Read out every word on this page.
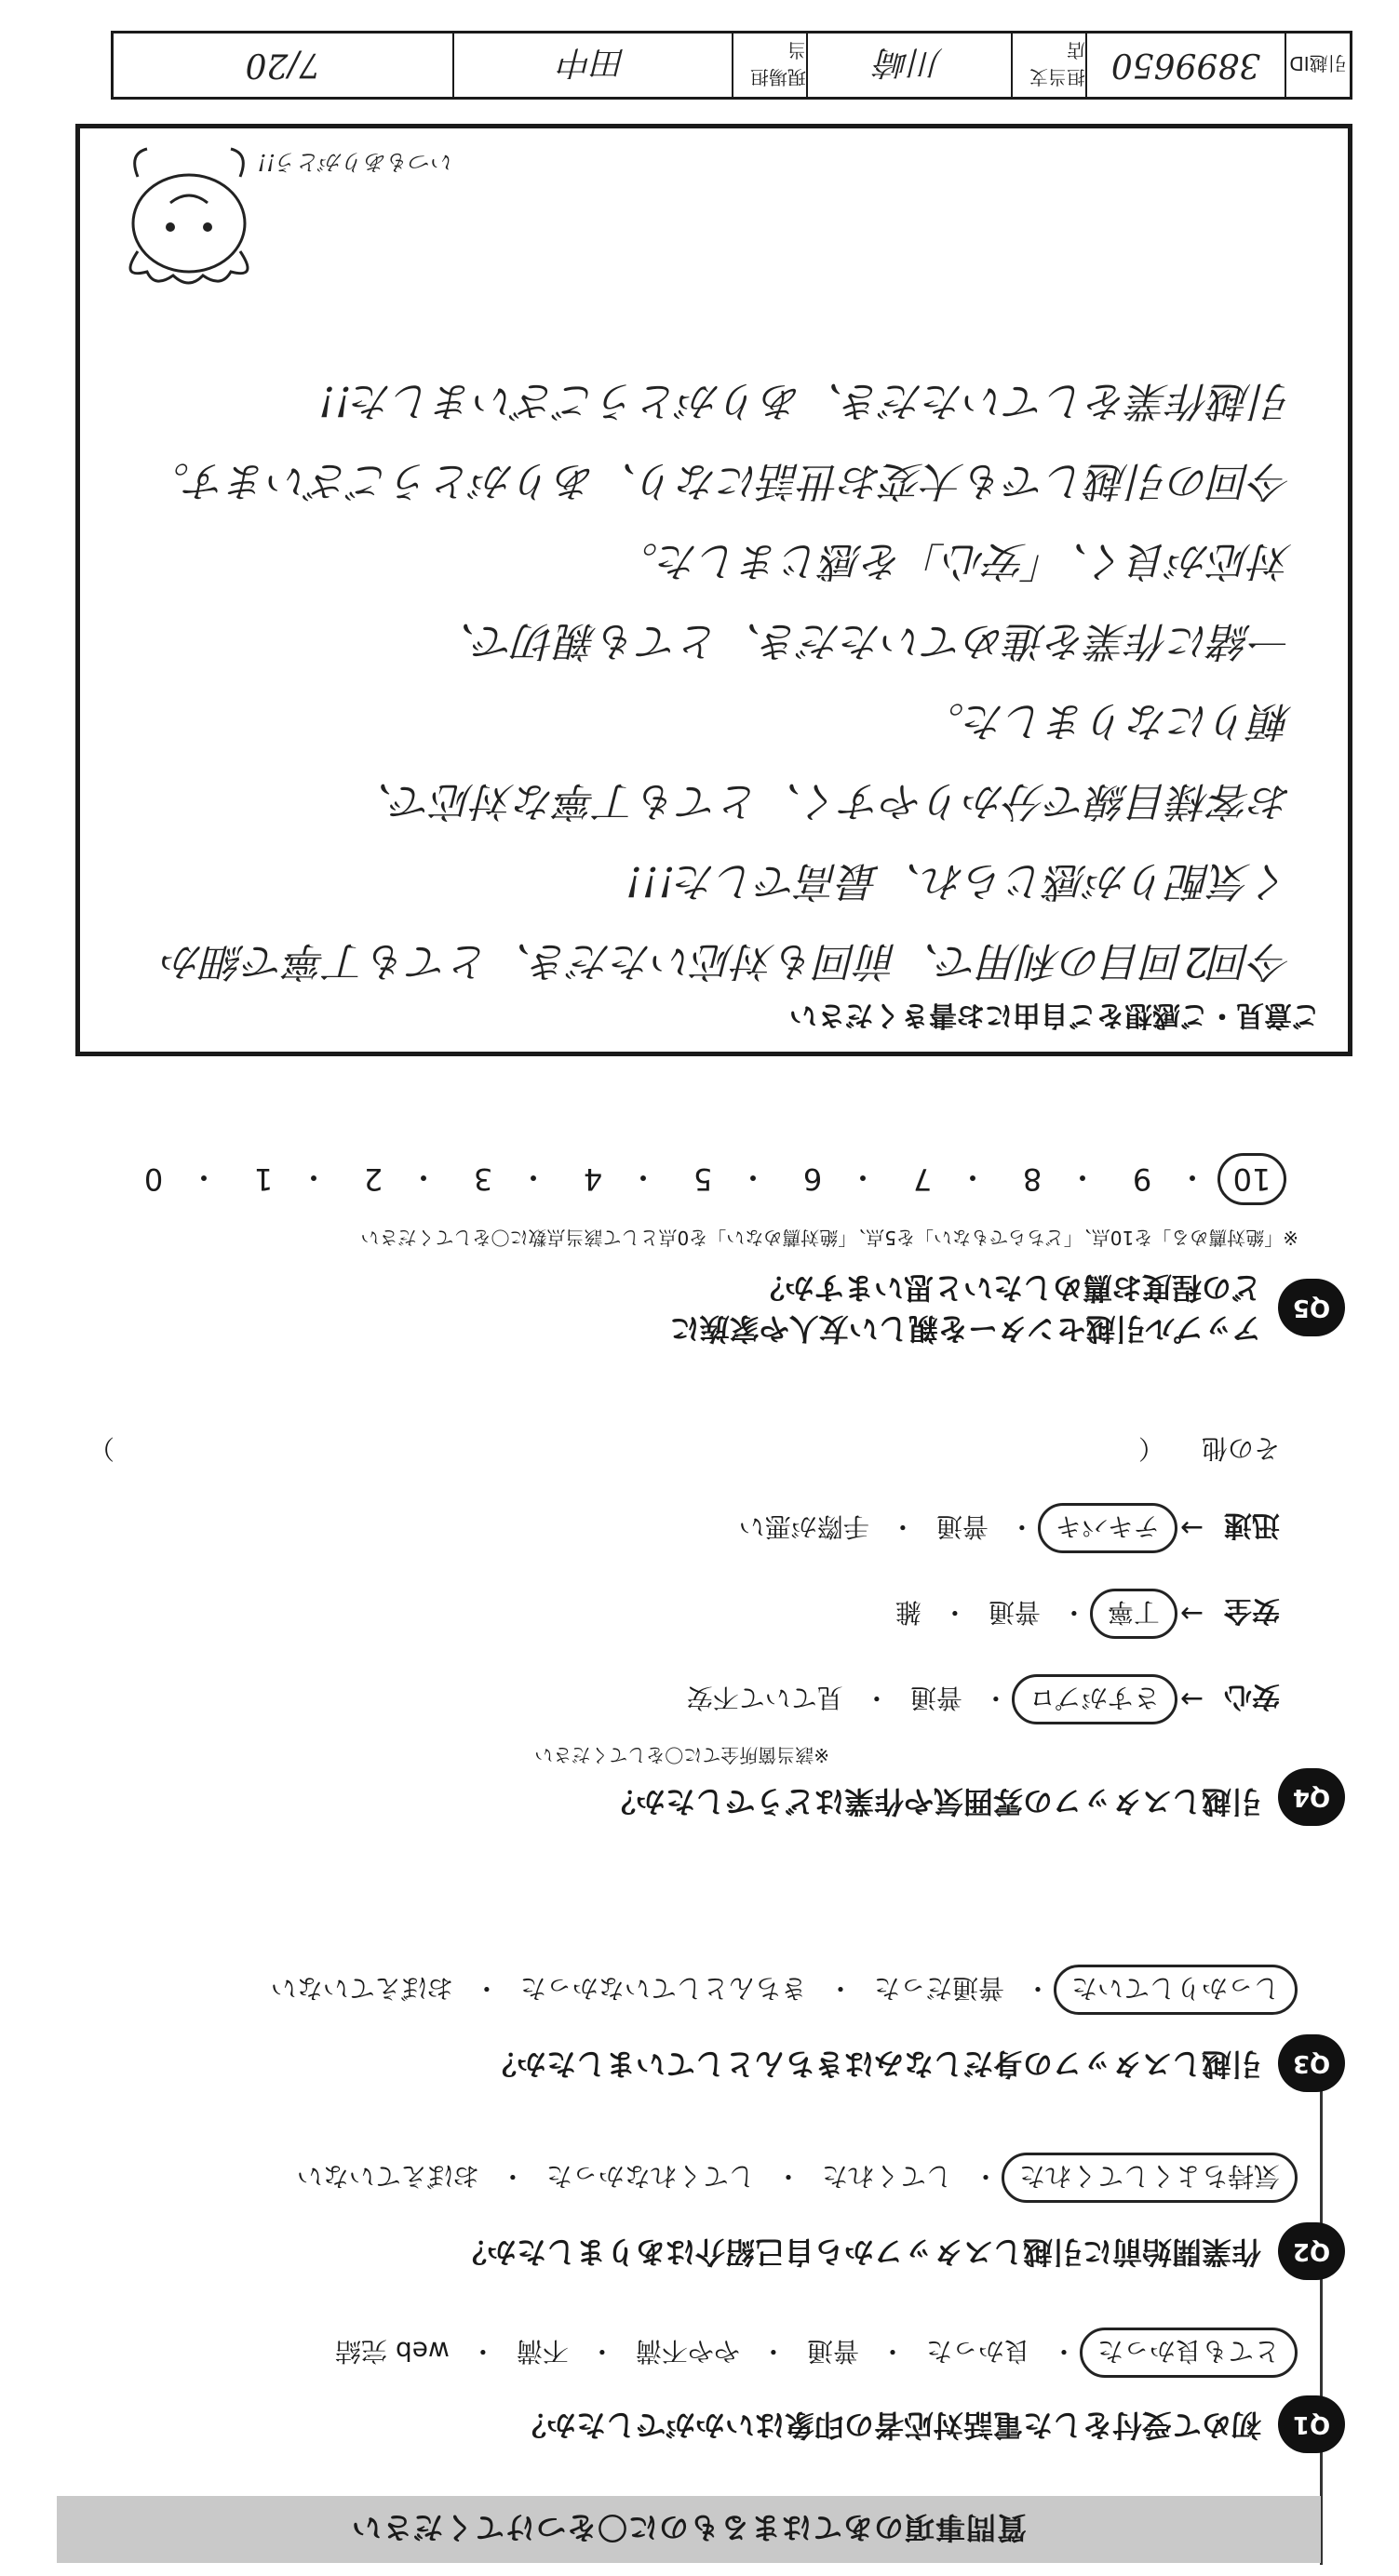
質問事項のあてはまるものに〇をつけてください
Q1
初めて受付をした電話対応者の印象はいかがでしたか？
とても良かった
・
良かった
・
普通
・
やや不満
・
不満
・
web 完結
Q2
作業開始前に引越しスタッフから自己紹介はありましたか？
気持ちよくしてくれた
・
してくれた
・
してくれなかった
・
おぼえていない
Q3
引越しスタッフの身だしなみはきちんとしていましたか？
しっかりしていた
・
普通だった
・
きちんとしていなかった
・
おぼえていない
Q4
引越しスタッフの雰囲気や作業はどうでしたか？
※該当箇所全てに〇をしてください
安心
→
さすがプロ
・
普通
・
見ていて不安
安全
→
丁寧
・
普通
・
雑
迅速
→
テキパキ
・
普通
・
手際が悪い
その他
（
）
Q5
アップル引越センターを親しい友人や家族に
どの程度お薦めしたいと思いますか？
※「絶対薦める」を10点、「どちらでもない」を5点、「絶対薦めない」を0点として該当点数に〇をしてください
10
・
9
・
8
・
7
・
6
・
5
・
4
・
3
・
2
・
1
・
0
ご意見・ご感想をご自由にお書きください
今回2回目の利用で、前回も対応いただき、とても丁寧で細か
く気配りが感じられ、最高でした!!!
お客様目線で分かりやすく、とても丁寧な対応で、
頼りになりました。
一緒に作業を進めていただき、とても親切で、
対応が良く、「安心」を感じました。
今回の引越しでも大変お世話になり、ありがとうございます。
引越作業をしていただき、ありがとうございました!!
いつもありがとう!!
引越ID
3899650
担当支店
川崎
現場担当
田中
7/20
